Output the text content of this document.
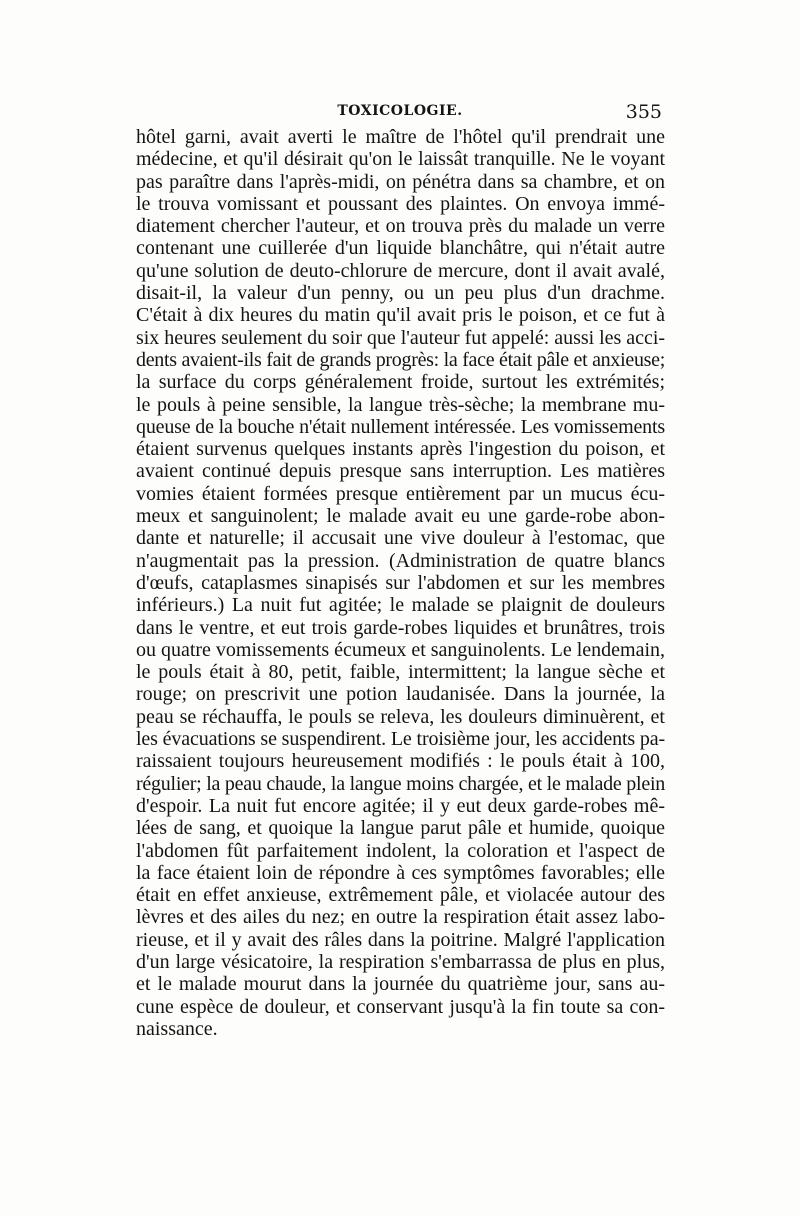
TOXICOLOGIE.	355
hôtel garni, avait averti le maître de l'hôtel qu'il prendrait une
médecine, et qu'il désirait qu'on le laissât tranquille. Ne le voyant
pas paraître dans l'après-midi, on pénétra dans sa chambre, et on
le trouva vomissant et poussant des plaintes. On envoya immé-
diatement chercher l'auteur, et on trouva près du malade un verre
contenant une cuillerée d'un liquide blanchâtre, qui n'était autre
qu'une solution de deuto-chlorure de mercure, dont il avait avalé,
disait-il, la valeur d'un penny, ou un peu plus d'un drachme.
C'était à dix heures du matin qu'il avait pris le poison, et ce fut à
six heures seulement du soir que l'auteur fut appelé: aussi les acci-
dents avaient-ils fait de grands progrès: la face était pâle et anxieuse;
la surface du corps généralement froide, surtout les extrémités;
le pouls à peine sensible, la langue très-sèche; la membrane mu-
queuse de la bouche n'était nullement intéressée. Les vomissements
étaient survenus quelques instants après l'ingestion du poison, et
avaient continué depuis presque sans interruption. Les matières
vomies étaient formées presque entièrement par un mucus écu-
meux et sanguinolent; le malade avait eu une garde-robe abon-
dante et naturelle; il accusait une vive douleur à l'estomac, que
n'augmentait pas la pression. (Administration de quatre blancs
d'œufs, cataplasmes sinapisés sur l'abdomen et sur les membres
inférieurs.) La nuit fut agitée; le malade se plaignit de douleurs
dans le ventre, et eut trois garde-robes liquides et brunâtres, trois
ou quatre vomissements écumeux et sanguinolents. Le lendemain,
le pouls était à 80, petit, faible, intermittent; la langue sèche et
rouge; on prescrivit une potion laudanisée. Dans la journée, la
peau se réchauffa, le pouls se releva, les douleurs diminuèrent, et
les évacuations se suspendirent. Le troisième jour, les accidents pa-
raissaient toujours heureusement modifiés : le pouls était à 100,
régulier; la peau chaude, la langue moins chargée, et le malade plein
d'espoir. La nuit fut encore agitée; il y eut deux garde-robes mê-
lées de sang, et quoique la langue parut pâle et humide, quoique
l'abdomen fût parfaitement indolent, la coloration et l'aspect de
la face étaient loin de répondre à ces symptômes favorables; elle
était en effet anxieuse, extrêmement pâle, et violacée autour des
lèvres et des ailes du nez; en outre la respiration était assez labo-
rieuse, et il y avait des râles dans la poitrine. Malgré l'application
d'un large vésicatoire, la respiration s'embarrassa de plus en plus,
et le malade mourut dans la journée du quatrième jour, sans au-
cune espèce de douleur, et conservant jusqu'à la fin toute sa con-
naissance.
